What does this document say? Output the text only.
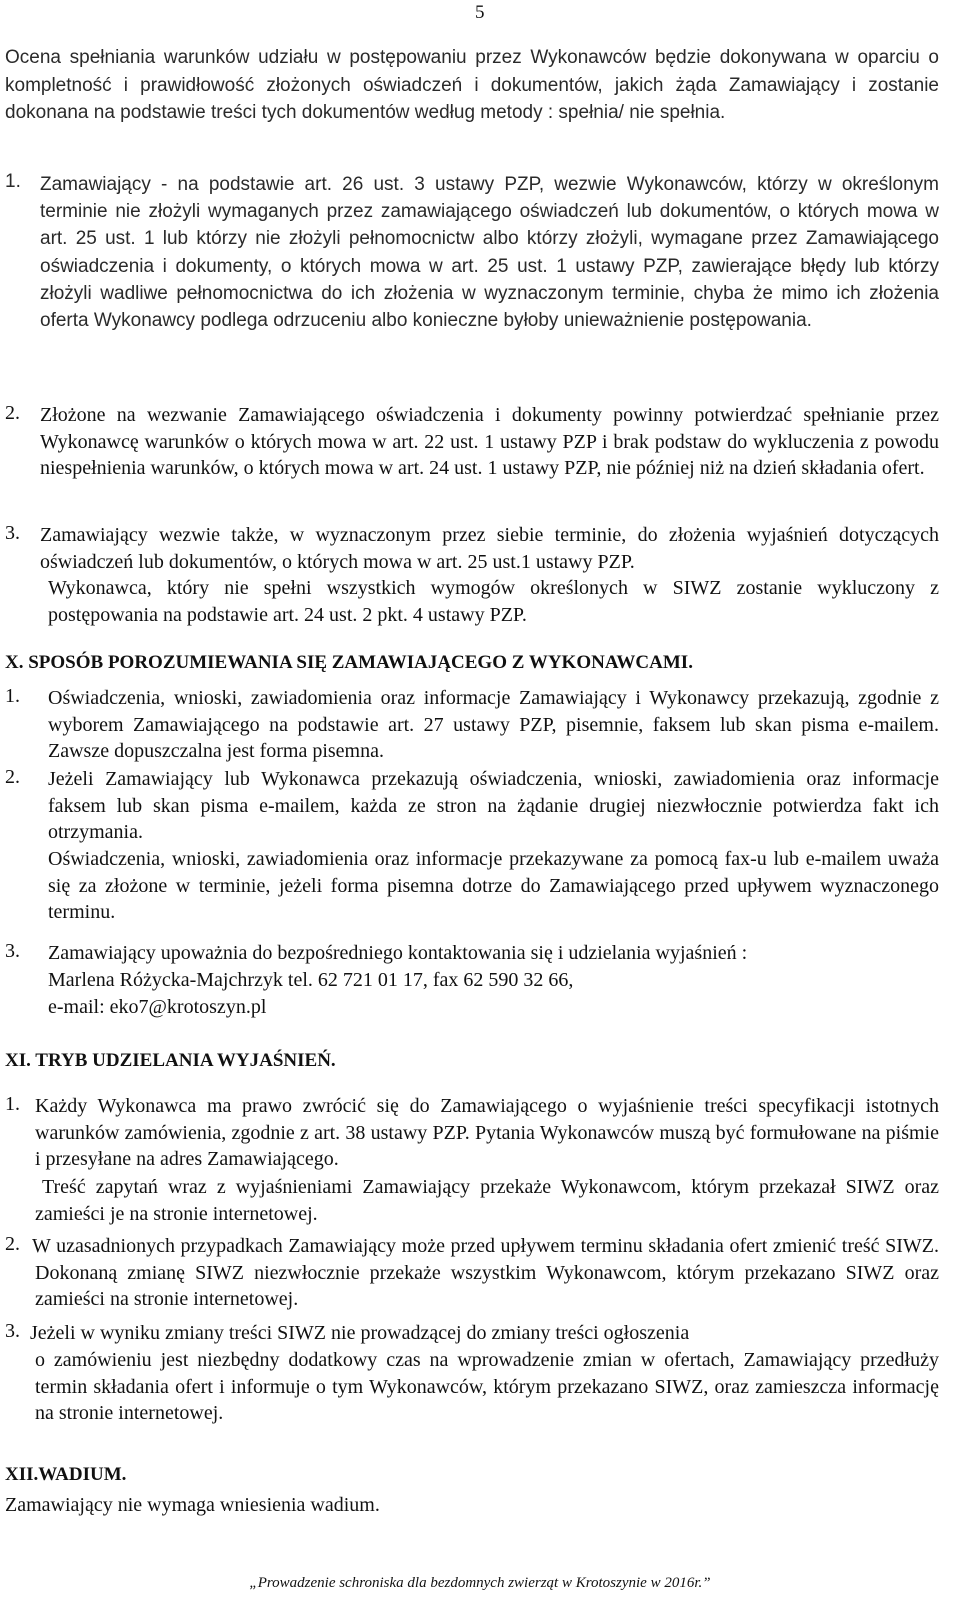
5
Ocena spełniania warunków udziału w postępowaniu przez Wykonawców będzie dokonywana w oparciu o kompletność i prawidłowość złożonych oświadczeń i dokumentów, jakich żąda Zamawiający i zostanie dokonana na podstawie treści tych dokumentów według metody : spełnia/ nie spełnia.
1. Zamawiający - na podstawie art. 26 ust. 3 ustawy PZP, wezwie Wykonawców, którzy w określonym terminie nie złożyli wymaganych przez zamawiającego oświadczeń lub dokumentów, o których mowa w art. 25 ust. 1 lub którzy nie złożyli pełnomocnictw albo którzy złożyli, wymagane przez Zamawiającego oświadczenia i dokumenty, o których mowa w art. 25 ust. 1 ustawy PZP, zawierające błędy lub którzy złożyli wadliwe pełnomocnictwa do ich złożenia w wyznaczonym terminie, chyba że mimo ich złożenia oferta Wykonawcy podlega odrzuceniu albo konieczne byłoby unieważnienie postępowania.
2. Złożone na wezwanie Zamawiającego oświadczenia i dokumenty powinny potwierdzać spełnianie przez Wykonawcę warunków o których mowa w art. 22 ust. 1 ustawy PZP i brak podstaw do wykluczenia z powodu niespełnienia warunków, o których mowa w art. 24 ust. 1 ustawy PZP, nie później niż na dzień składania ofert.
3. Zamawiający wezwie także, w wyznaczonym przez siebie terminie, do złożenia wyjaśnień dotyczących oświadczeń lub dokumentów, o których mowa w art. 25 ust.1 ustawy PZP.
Wykonawca, który nie spełni wszystkich wymogów określonych w SIWZ zostanie wykluczony z postępowania na podstawie art. 24 ust. 2 pkt. 4 ustawy PZP.
X. SPOSÓB POROZUMIEWANIA SIĘ ZAMAWIAJĄCEGO Z WYKONAWCAMI.
1. Oświadczenia, wnioski, zawiadomienia oraz informacje Zamawiający i Wykonawcy przekazują, zgodnie z wyborem Zamawiającego na podstawie art. 27 ustawy PZP, pisemnie, faksem lub skan pisma e-mailem. Zawsze dopuszczalna jest forma pisemna.
2. Jeżeli Zamawiający lub Wykonawca przekazują oświadczenia, wnioski, zawiadomienia oraz informacje faksem lub skan pisma e-mailem, każda ze stron na żądanie drugiej niezwłocznie potwierdza fakt ich otrzymania.
Oświadczenia, wnioski, zawiadomienia oraz informacje przekazywane za pomocą fax-u lub e-mailem uważa się za złożone w terminie, jeżeli forma pisemna dotrze do Zamawiającego przed upływem wyznaczonego terminu.
3. Zamawiający upoważnia do bezpośredniego kontaktowania się i udzielania wyjaśnień :
Marlena Różycka-Majchrzyk tel. 62 721 01 17, fax 62 590 32 66,
e-mail: eko7@krotoszyn.pl
XI. TRYB UDZIELANIA WYJAŚNIEŃ.
1. Każdy Wykonawca ma prawo zwrócić się do Zamawiającego o wyjaśnienie treści specyfikacji istotnych warunków zamówienia, zgodnie z art. 38 ustawy PZP. Pytania Wykonawców muszą być formułowane na piśmie i przesyłane na adres Zamawiającego.
Treść zapytań wraz z wyjaśnieniami Zamawiający przekaże Wykonawcom, którym przekazał SIWZ oraz zamieści je na stronie internetowej.
2. W uzasadnionych przypadkach Zamawiający może przed upływem terminu składania ofert zmienić treść SIWZ. Dokonaną zmianę SIWZ niezwłocznie przekaże wszystkim Wykonawcom, którym przekazano SIWZ oraz zamieści na stronie internetowej.
3. Jeżeli w wyniku zmiany treści SIWZ nie prowadzącej do zmiany treści ogłoszenia
o zamówieniu jest niezbędny dodatkowy czas na wprowadzenie zmian w ofertach, Zamawiający przedłuży termin składania ofert i informuje o tym Wykonawców, którym przekazano SIWZ, oraz zamieszcza informację na stronie internetowej.
XII.WADIUM.
Zamawiający nie wymaga wniesienia wadium.
„Prowadzenie schroniska dla bezdomnych zwierząt w Krotoszynie w 2016r.”
